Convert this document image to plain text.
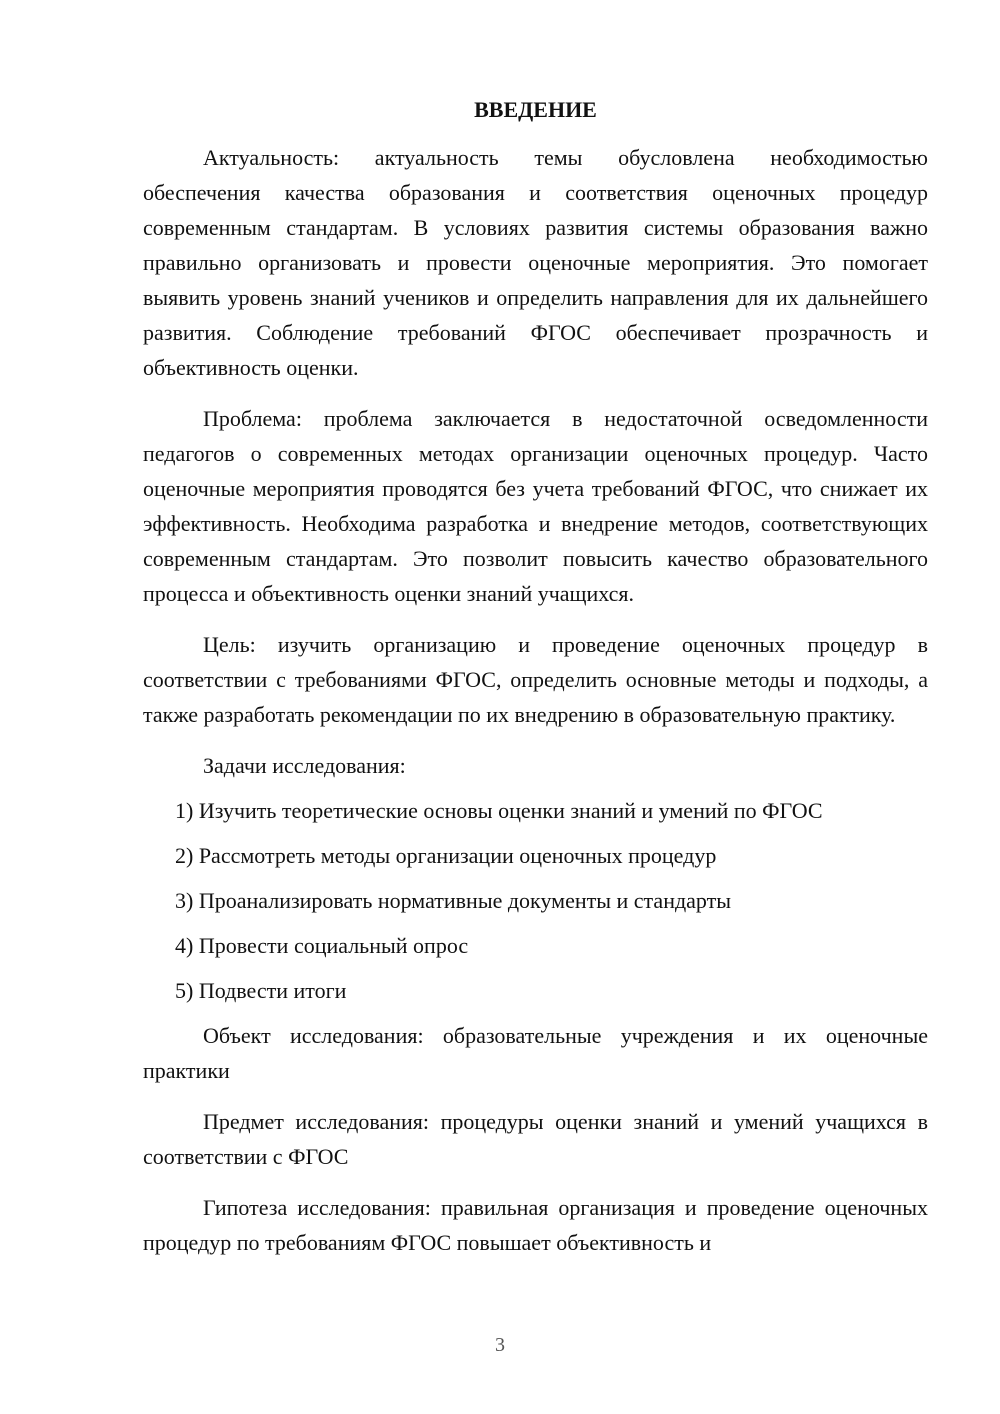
ВВЕДЕНИЕ

Актуальность: актуальность темы обусловлена необходимостью обеспечения качества образования и соответствия оценочных процедур современным стандартам. В условиях развития системы образования важно правильно организовать и провести оценочные мероприятия. Это помогает выявить уровень знаний учеников и определить направления для их дальнейшего развития. Соблюдение требований ФГОС обеспечивает прозрачность и объективность оценки.

Проблема: проблема заключается в недостаточной осведомленности педагогов о современных методах организации оценочных процедур. Часто оценочные мероприятия проводятся без учета требований ФГОС, что снижает их эффективность. Необходима разработка и внедрение методов, соответствующих современным стандартам. Это позволит повысить качество образовательного процесса и объективность оценки знаний учащихся.

Цель: изучить организацию и проведение оценочных процедур в соответствии с требованиями ФГОС, определить основные методы и подходы, а также разработать рекомендации по их внедрению в образовательную практику.

Задачи исследования:

1) Изучить теоретические основы оценки знаний и умений по ФГОС
2) Рассмотреть методы организации оценочных процедур
3) Проанализировать нормативные документы и стандарты
4) Провести социальный опрос
5) Подвести итоги

Объект исследования: образовательные учреждения и их оценочные практики

Предмет исследования: процедуры оценки знаний и умений учащихся в соответствии с ФГОС

Гипотеза исследования: правильная организация и проведение оценочных процедур по требованиям ФГОС повышает объективность и

3
